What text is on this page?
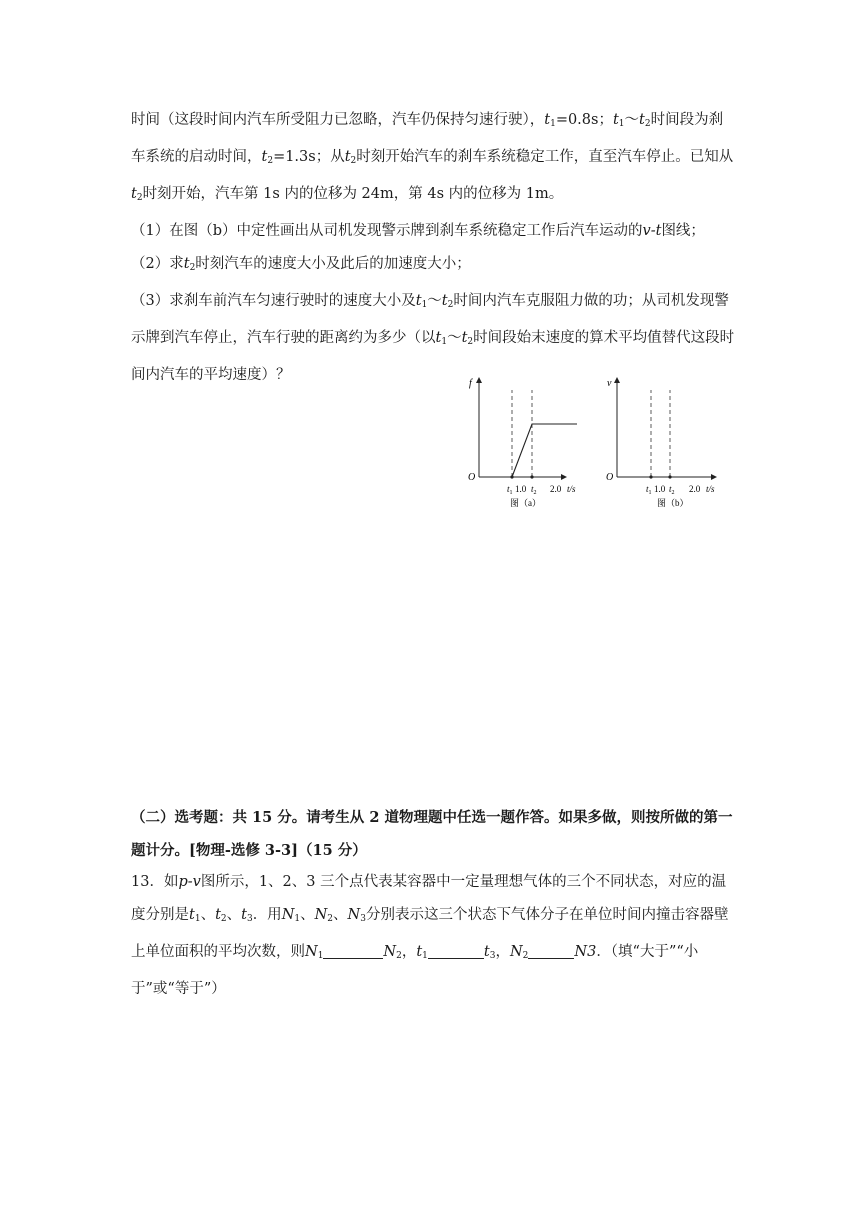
时间（这段时间内汽车所受阻力已忽略，汽车仍保持匀速行驶），$t_1=0.8s$；$t_1\sim t_2$时间段为刹车系统的启动时间，$t_2=1.3s$；从$t_2$时刻开始汽车的刹车系统稳定工作，直至汽车停止。已知从$t_2$时刻开始，汽车第 1s 内的位移为 24m，第 4s 内的位移为 1m。
（1）在图（b）中定性画出从司机发现警示牌到刹车系统稳定工作后汽车运动的v-t图线；
（2）求$t_2$时刻汽车的速度大小及此后的加速度大小；
（3）求刹车前汽车匀速行驶时的速度大小及$t_1\sim t_2$时间内汽车克服阻力做的功；从司机发现警示牌到汽车停止，汽车行驶的距离约为多少（以$t_1\sim t_2$时间段始末速度的算术平均值替代这段时间内汽车的平均速度）？

f
O
$t_1$ 1.0 $t_2$ 2.0 t/s
图（a）
v
O
$t_1$ 1.0 $t_2$ 2.0 t/s
图（b）

（二）选考题：共 15 分。请考生从 2 道物理题中任选一题作答。如果多做，则按所做的第一题计分。[物理-选修 3-3]（15 分）

13．如p-v图所示，1、2、3 三个点代表某容器中一定量理想气体的三个不同状态，对应的温度分别是$t_1$、$t_2$、$t_3$．用$N_1$、$N_2$、$N_3$分别表示这三个状态下气体分子在单位时间内撞击容器壁上单位面积的平均次数，则$N_1$	$N_2$，$t_1$	$t_3$，$N_2$	N3．（填“大于”“小于”或“等于”）
